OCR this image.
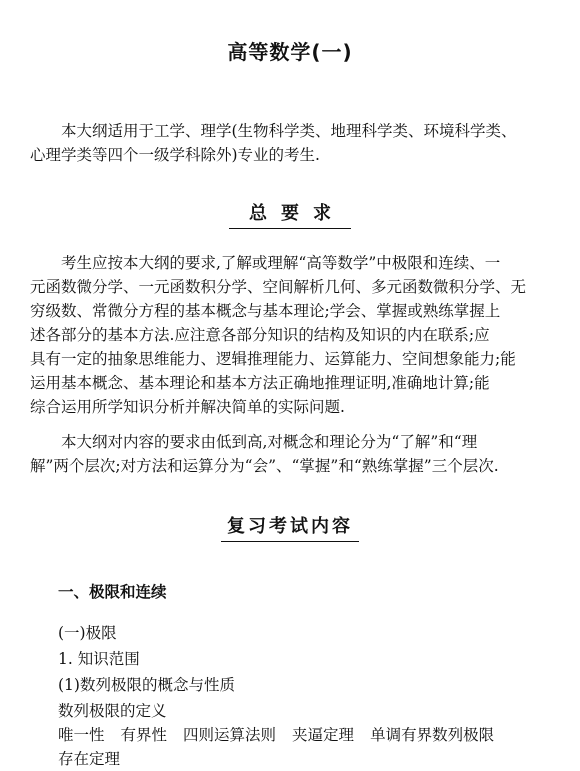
高等数学(一)
本大纲适用于工学、理学(生物科学类、地理科学类、环境科学类、
心理学类等四个一级学科除外)专业的考生.
总要求
考生应按本大纲的要求,了解或理解“高等数学”中极限和连续、一
元函数微分学、一元函数积分学、空间解析几何、多元函数微积分学、无
穷级数、常微分方程的基本概念与基本理论;学会、掌握或熟练掌握上
述各部分的基本方法.应注意各部分知识的结构及知识的内在联系;应
具有一定的抽象思维能力、逻辑推理能力、运算能力、空间想象能力;能
运用基本概念、基本理论和基本方法正确地推理证明,准确地计算;能
综合运用所学知识分析并解决简单的实际问题.
本大纲对内容的要求由低到高,对概念和理论分为“了解”和“理
解”两个层次;对方法和运算分为“会”、“掌握”和“熟练掌握”三个层次.
复习考试内容
一、极限和连续
(一)极限
1. 知识范围
(1)数列极限的概念与性质
数列极限的定义
唯一性 有界性 四则运算法则 夹逼定理 单调有界数列极限
存在定理
